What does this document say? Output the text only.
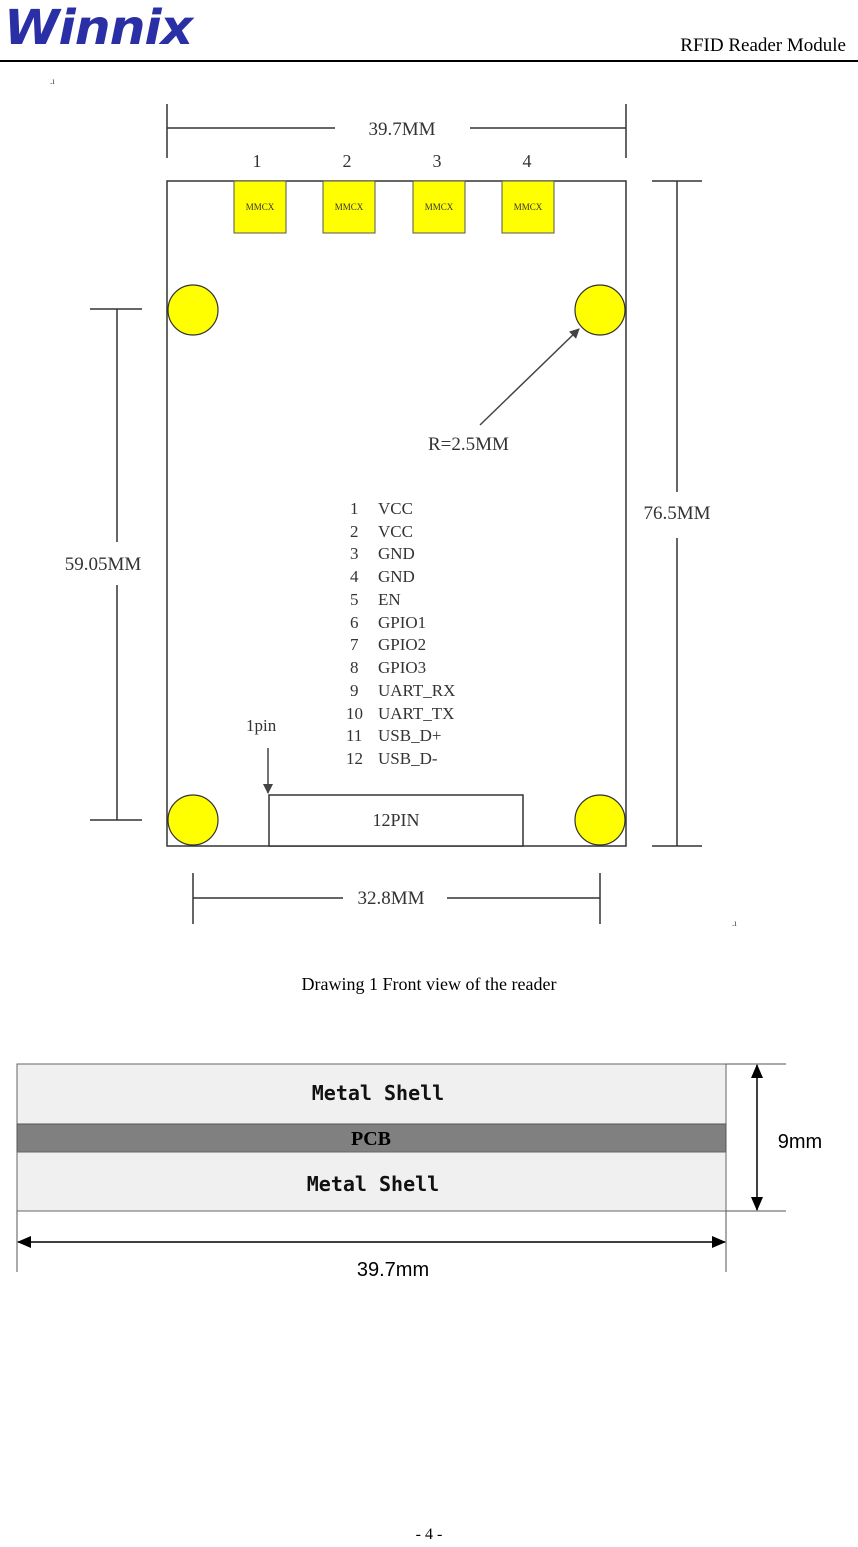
Winnix	RFID Reader Module
.ı
.ı
39.7MM
1	2	3	4
MMCX	MMCX	MMCX	MMCX
R=2.5MM
76.5MM
59.05MM
1 VCC
2 VCC
3 GND
4 GND
5 EN
6 GPIO1
7 GPIO2
8 GPIO3
9 UART_RX
10 UART_TX
11 USB_D+
12 USB_D-
1pin
12PIN
32.8MM
Drawing 1 Front view of the reader
Metal Shell
PCB
Metal Shell
9mm
39.7mm
- 4 -
